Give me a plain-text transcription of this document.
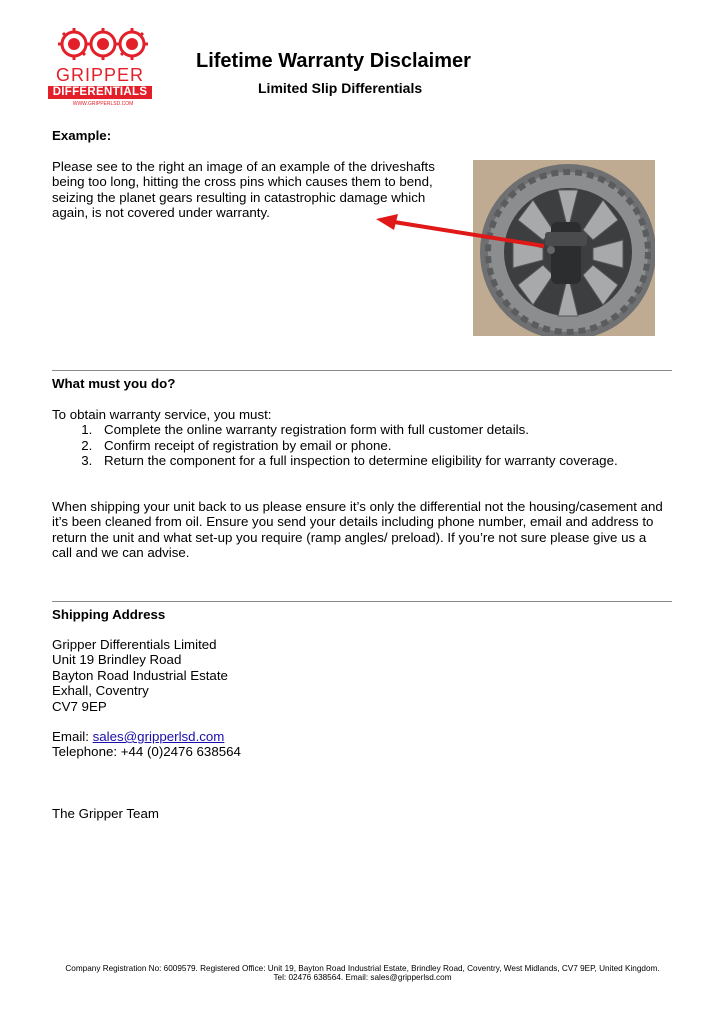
GRIPPER
DIFFERENTIALS
WWW.GRIPPERLSD.COM
Lifetime Warranty Disclaimer
Limited Slip Differentials
Example:
Please see to the right an image of an example of the driveshafts
being too long, hitting the cross pins which causes them to bend,
seizing the planet gears resulting in catastrophic damage which
again, is not covered under warranty.
What must you do?
To obtain warranty service, you must:
1. Complete the online warranty registration form with full customer details.
2. Confirm receipt of registration by email or phone.
3. Return the component for a full inspection to determine eligibility for warranty coverage.
When shipping your unit back to us please ensure it’s only the differential not the housing/casement and
it’s been cleaned from oil. Ensure you send your details including phone number, email and address to
return the unit and what set-up you require (ramp angles/ preload). If you’re not sure please give us a
call and we can advise.
Shipping Address
Gripper Differentials Limited
Unit 19 Brindley Road
Bayton Road Industrial Estate
Exhall, Coventry
CV7 9EP
Email: sales@gripperlsd.com
Telephone: +44 (0)2476 638564
The Gripper Team
Company Registration No: 6009579. Registered Office: Unit 19, Bayton Road Industrial Estate, Brindley Road, Coventry, West Midlands, CV7 9EP, United Kingdom.
Tel: 02476 638564. Email: sales@gripperlsd.com
